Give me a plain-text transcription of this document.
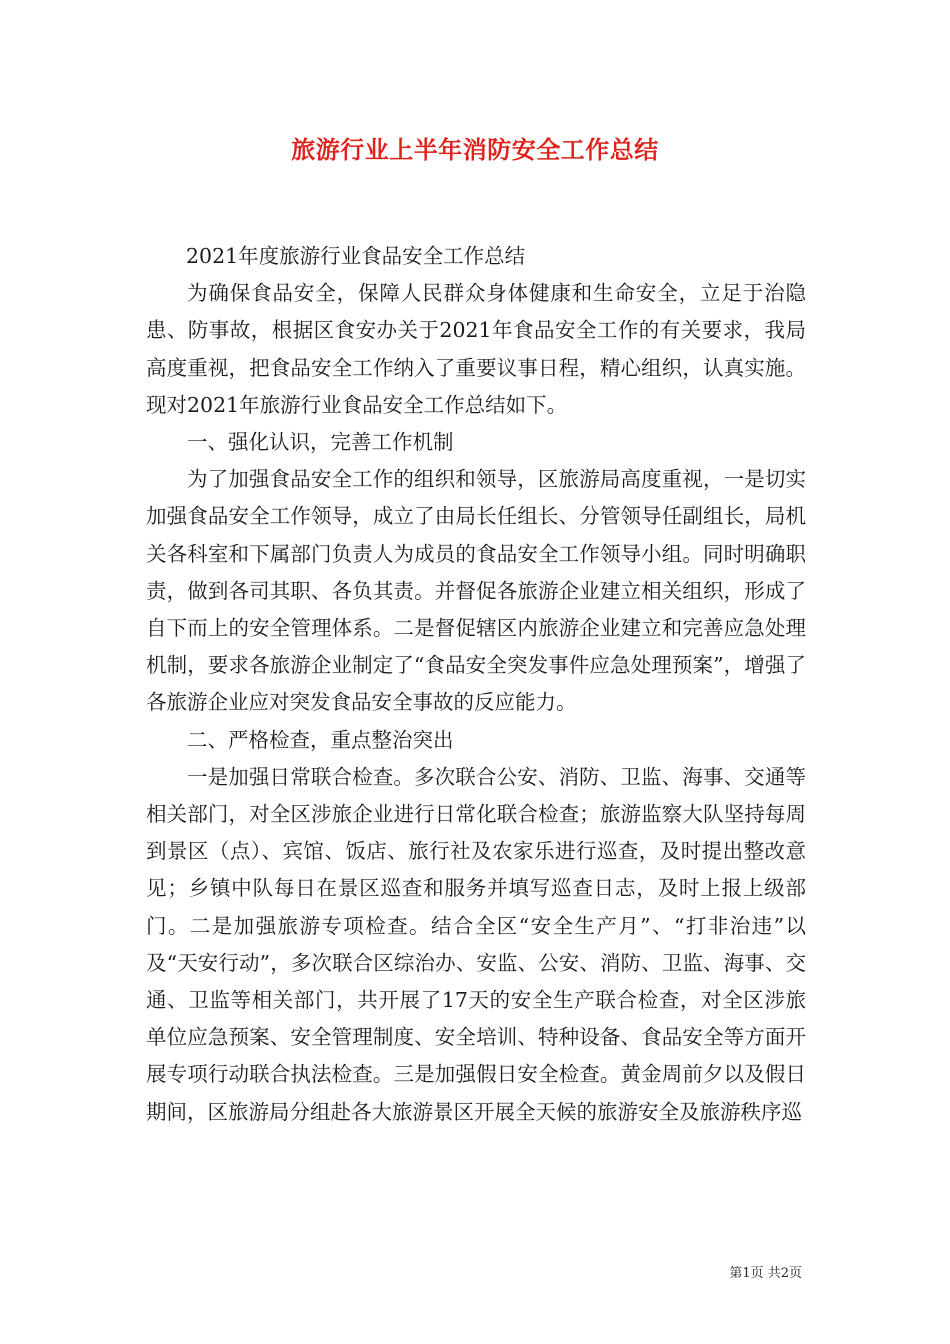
旅游行业上半年消防安全工作总结

2021年度旅游行业食品安全工作总结

为确保食品安全，保障人民群众身体健康和生命安全，立足于治隐患、防事故，根据区食安办关于2021年食品安全工作的有关要求，我局高度重视，把食品安全工作纳入了重要议事日程，精心组织，认真实施。现对2021年旅游行业食品安全工作总结如下。

一、强化认识，完善工作机制

为了加强食品安全工作的组织和领导，区旅游局高度重视，一是切实加强食品安全工作领导，成立了由局长任组长、分管领导任副组长，局机关各科室和下属部门负责人为成员的食品安全工作领导小组。同时明确职责，做到各司其职、各负其责。并督促各旅游企业建立相关组织，形成了自下而上的安全管理体系。二是督促辖区内旅游企业建立和完善应急处理机制，要求各旅游企业制定了“食品安全突发事件应急处理预案”，增强了各旅游企业应对突发食品安全事故的反应能力。

二、严格检查，重点整治突出

一是加强日常联合检查。多次联合公安、消防、卫监、海事、交通等相关部门，对全区涉旅企业进行日常化联合检查；旅游监察大队坚持每周到景区（点）、宾馆、饭店、旅行社及农家乐进行巡查，及时提出整改意见；乡镇中队每日在景区巡查和服务并填写巡查日志，及时上报上级部门。二是加强旅游专项检查。结合全区“安全生产月”、“打非治违”以及“天安行动”，多次联合区综治办、安监、公安、消防、卫监、海事、交通、卫监等相关部门，共开展了17天的安全生产联合检查，对全区涉旅单位应急预案、安全管理制度、安全培训、特种设备、食品安全等方面开展专项行动联合执法检查。三是加强假日安全检查。黄金周前夕以及假日期间，区旅游局分组赴各大旅游景区开展全天候的旅游安全及旅游秩序巡

第1页 共2页
